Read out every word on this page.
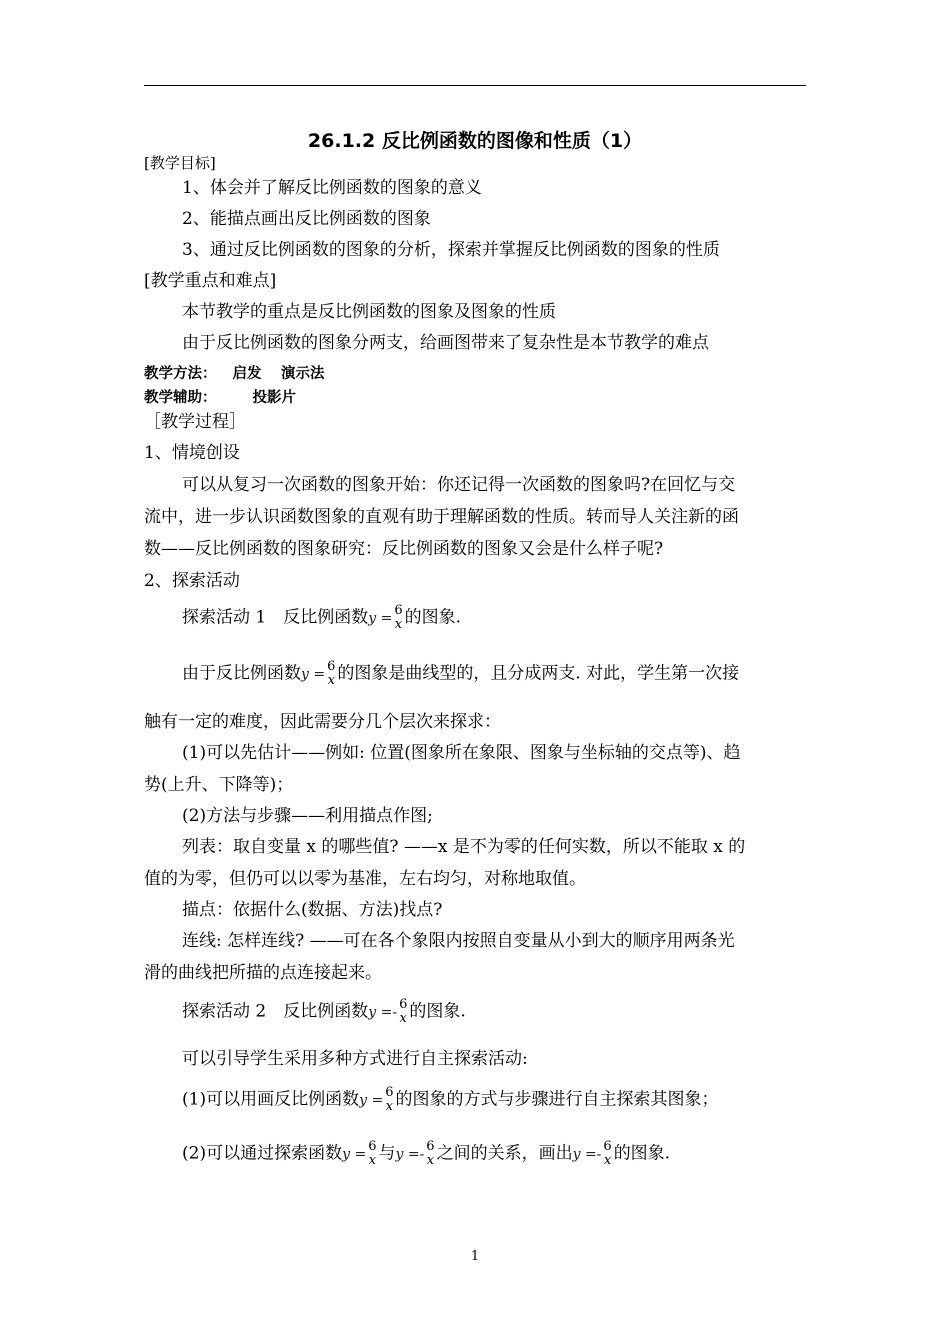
26.1.2 反比例函数的图像和性质（1）
[教学目标]
1、体会并了解反比例函数的图象的意义
2、能描点画出反比例函数的图象
3、通过反比例函数的图象的分析，探索并掌握反比例函数的图象的性质
[教学重点和难点]
本节教学的重点是反比例函数的图象及图象的性质
由于反比例函数的图象分两支，给画图带来了复杂性是本节教学的难点
教学方法： 启发　 演示法
教学辅助： 投影片
［教学过程］
1、情境创设
可以从复习一次函数的图象开始：你还记得一次函数的图象吗?在回忆与交
流中，进一步认识函数图象的直观有助于理解函数的性质。转而导人关注新的函
数——反比例函数的图象研究：反比例函数的图象又会是什么样子呢?
2、探索活动
探索活动 1　反比例函数y = 6
x 的图象.
由于反比例函数y = 6
x 的图象是曲线型的，且分成两支. 对此，学生第一次接
触有一定的难度，因此需要分几个层次来探求：
(1)可以先估计——例如: 位置(图象所在象限、图象与坐标轴的交点等)、趋
势(上升、下降等)；
(2)方法与步骤——利用描点作图;
列表：取自变量 x 的哪些值? ——x 是不为零的任何实数，所以不能取 x 的
值的为零，但仍可以以零为基准，左右均匀，对称地取值。
描点：依据什么(数据、方法)找点?
连线: 怎样连线? ——可在各个象限内按照自变量从小到大的顺序用两条光
滑的曲线把所描的点连接起来。
探索活动 2　反比例函数y =- 6
x 的图象.
可以引导学生采用多种方式进行自主探索活动:
(1)可以用画反比例函数y = 6
x 的图象的方式与步骤进行自主探索其图象；
(2)可以通过探索函数y = 6
x 与y =- 6
x 之间的关系，画出y =- 6
x 的图象.
1
